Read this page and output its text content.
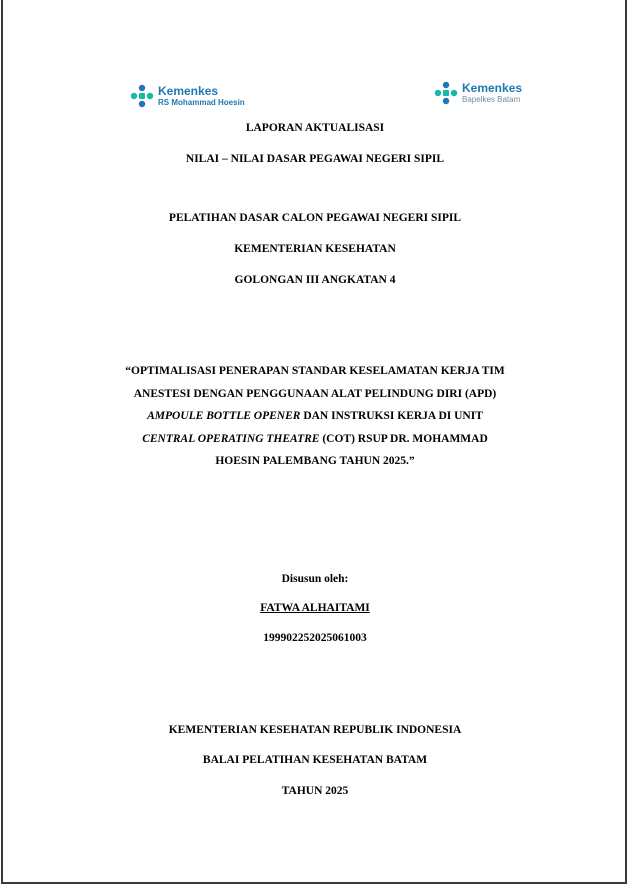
Kemenkes
RS Mohammad Hoesin
Kemenkes
Bapelkes Batam
LAPORAN AKTUALISASI
NILAI – NILAI DASAR PEGAWAI NEGERI SIPIL
PELATIHAN DASAR CALON PEGAWAI NEGERI SIPIL
KEMENTERIAN KESEHATAN
GOLONGAN III ANGKATAN 4
“OPTIMALISASI PENERAPAN STANDAR KESELAMATAN KERJA TIM
ANESTESI DENGAN PENGGUNAAN ALAT PELINDUNG DIRI (APD)
AMPOULE BOTTLE OPENER DAN INSTRUKSI KERJA DI UNIT
CENTRAL OPERATING THEATRE (COT) RSUP DR. MOHAMMAD
HOESIN PALEMBANG TAHUN 2025.”
Disusun oleh:
FATWA ALHAITAMI
199902252025061003
KEMENTERIAN KESEHATAN REPUBLIK INDONESIA
BALAI PELATIHAN KESEHATAN BATAM
TAHUN 2025
